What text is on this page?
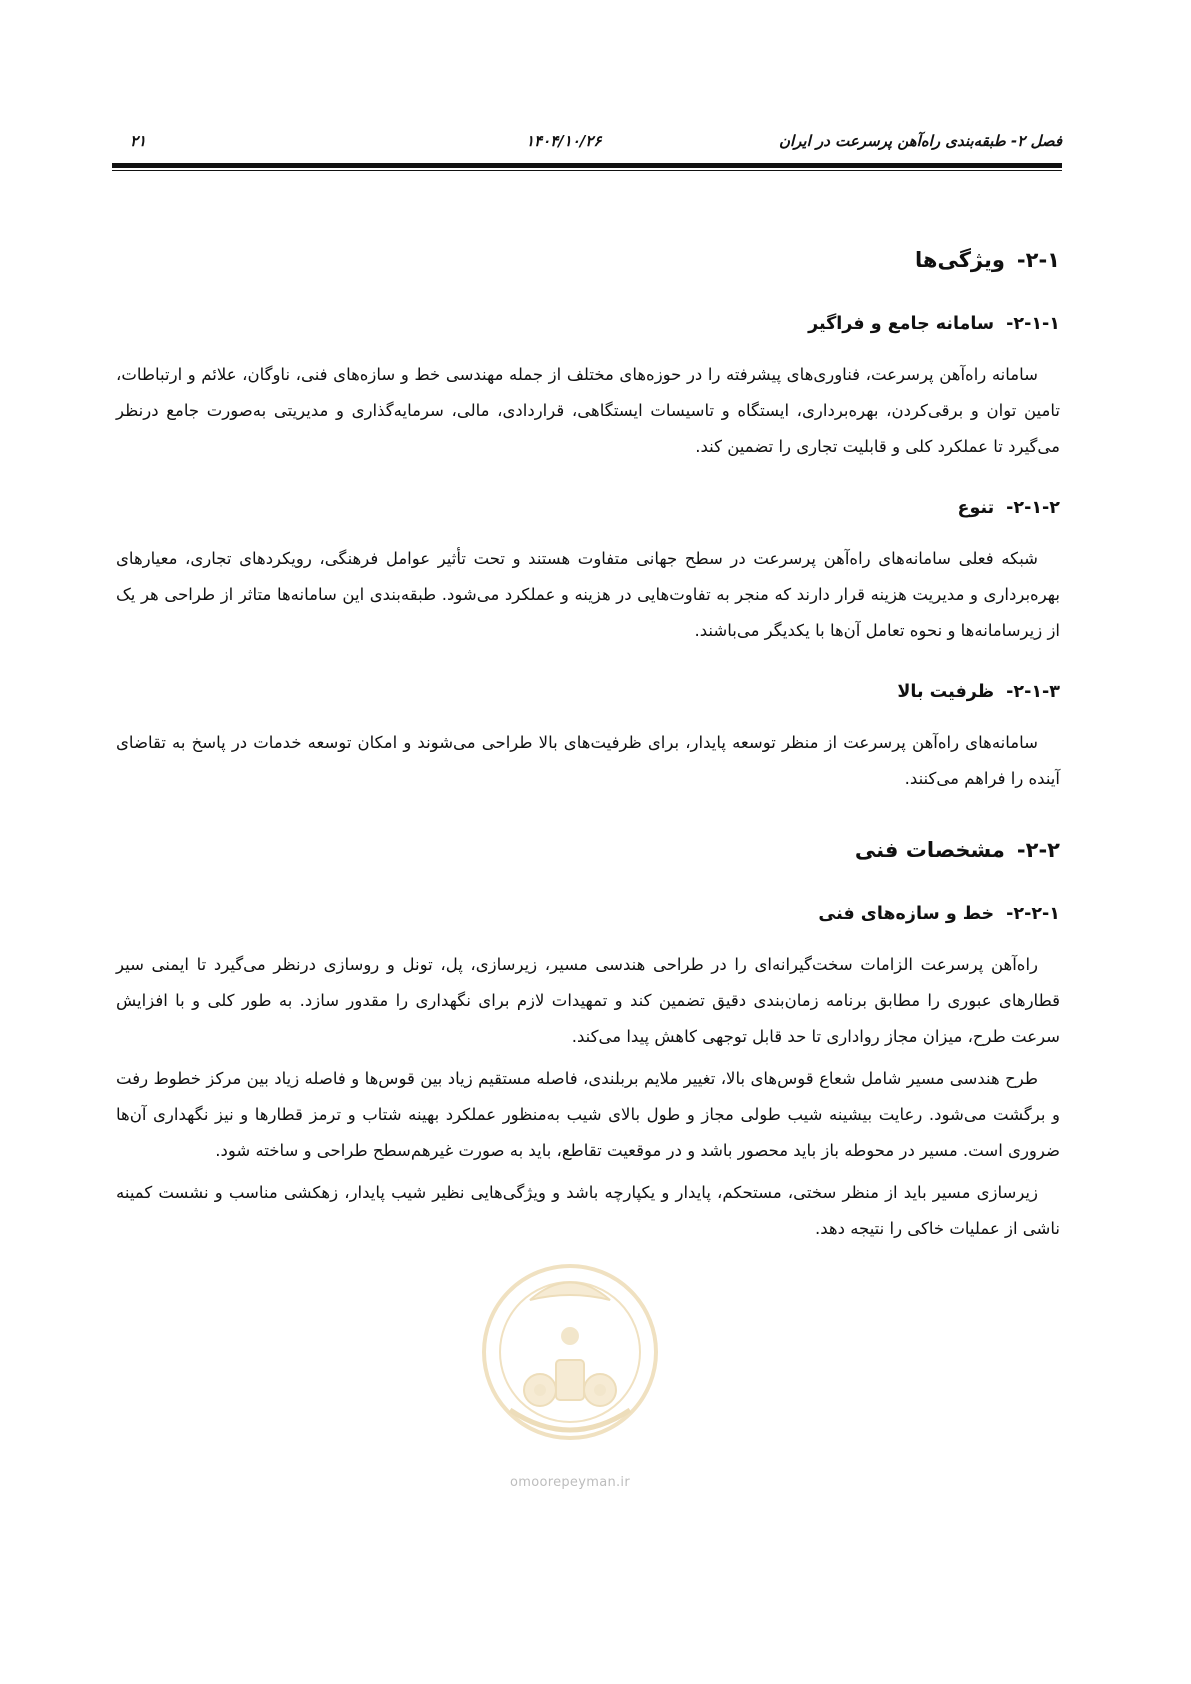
فصل ۲- طبقه‌بندی راه‌آهن پرسرعت در ایران
۱۴۰۴/۱۰/۲۶
۲۱
۲-۱-ویژگی‌ها
۲-۱-۱-سامانه جامع و فراگیر

سامانه راه‌آهن پرسرعت، فناوری‌های پیشرفته را در حوزه‌های مختلف از جمله مهندسی خط و سازه‌های فنی، ناوگان، علائم و ارتباطات، تامین توان و برقی‌کردن، بهره‌برداری، ایستگاه و تاسیسات ایستگاهی، قراردادی، مالی، سرمایه‌گذاری و مدیریتی به‌صورت جامع درنظر می‌گیرد تا عملکرد کلی و قابلیت تجاری را تضمین کند.

۲-۱-۲-تنوع

شبکه فعلی سامانه‌های راه‌آهن پرسرعت در سطح جهانی متفاوت هستند و تحت تأثیر عوامل فرهنگی، رویکردهای تجاری، معیارهای بهره‌برداری و مدیریت هزینه قرار دارند که منجر به تفاوت‌هایی در هزینه و عملکرد می‌شود. طبقه‌بندی این سامانه‌ها متاثر از طراحی هر یک از زیرسامانه‌ها و نحوه تعامل آن‌ها با یکدیگر می‌باشند.

۲-۱-۳-ظرفیت بالا

سامانه‌های راه‌آهن پرسرعت از منظر توسعه پایدار، برای ظرفیت‌های بالا طراحی می‌شوند و امکان توسعه خدمات در پاسخ به تقاضای آینده را فراهم می‌کنند.

۲-۲-مشخصات فنی
۲-۲-۱-خط و سازه‌های فنی

راه‌آهن پرسرعت الزامات سخت‌گیرانه‌ای را در طراحی هندسی مسیر، زیرسازی، پل، تونل و روسازی درنظر می‌گیرد تا ایمنی سیر قطارهای عبوری را مطابق برنامه زمان‌بندی دقیق تضمین کند و تمهیدات لازم برای نگهداری را مقدور سازد. به طور کلی و با افزایش سرعت طرح، میزان مجاز رواداری تا حد قابل توجهی کاهش پیدا می‌کند.

طرح هندسی مسیر شامل شعاع قوس‌های بالا، تغییر ملایم بربلندی، فاصله مستقیم زیاد بین قوس‌ها و فاصله زیاد بین مرکز خطوط رفت و برگشت می‌شود. رعایت بیشینه شیب طولی مجاز و طول بالای شیب به‌منظور عملکرد بهینه شتاب و ترمز قطارها و نیز نگهداری آن‌ها ضروری است. مسیر در محوطه باز باید محصور باشد و در موقعیت تقاطع، باید به صورت غیرهم‌سطح طراحی و ساخته شود.

زیرسازی مسیر باید از منظر سختی، مستحکم، پایدار و یکپارچه باشد و ویژگی‌هایی نظیر شیب پایدار، زهکشی مناسب و نشست کمینه ناشی از عملیات خاکی را نتیجه دهد.

omoorepeyman.ir
